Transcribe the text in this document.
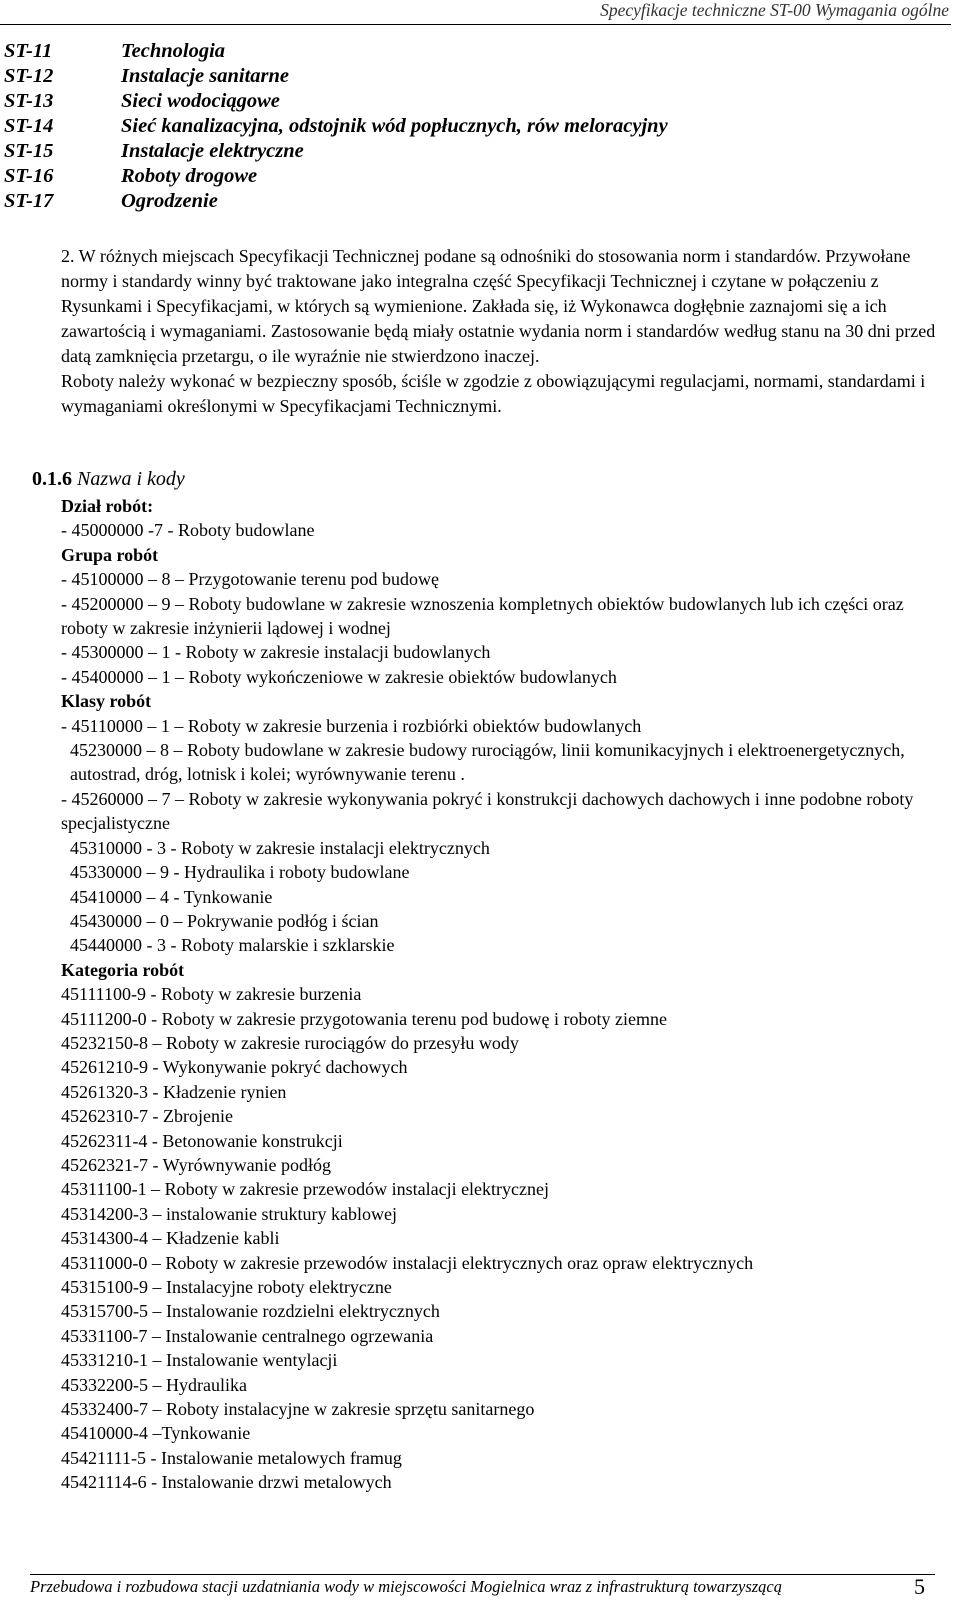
Specyfikacje techniczne ST-00 Wymagania ogólne
ST-11	Technologia
ST-12	Instalacje sanitarne
ST-13	Sieci wodociągowe
ST-14	Sieć kanalizacyjna, odstojnik wód popłucznych, rów meloracyjny
ST-15	Instalacje elektryczne
ST-16	Roboty drogowe
ST-17	Ogrodzenie

2. W różnych miejscach Specyfikacji Technicznej podane są odnośniki do stosowania norm i standardów. Przywołane normy i standardy winny być traktowane jako integralna część Specyfikacji Technicznej i czytane w połączeniu z Rysunkami i Specyfikacjami, w których są wymienione. Zakłada się, iż Wykonawca dogłębnie zaznajomi się a ich zawartością i wymaganiami. Zastosowanie będą miały ostatnie wydania norm i standardów według stanu na 30 dni przed datą zamknięcia przetargu, o ile wyraźnie nie stwierdzono inaczej.

Roboty należy wykonać w bezpieczny sposób, ściśle w zgodzie z obowiązującymi regulacjami, normami, standardami i wymaganiami określonymi w Specyfikacjami Technicznymi.

0.1.6 Nazwa i kody
Dział robót:
- 45000000 -7 - Roboty budowlane
Grupa robót
- 45100000 – 8 – Przygotowanie terenu pod budowę
- 45200000 – 9 – Roboty budowlane w zakresie wznoszenia kompletnych obiektów budowlanych lub ich części oraz roboty w zakresie inżynierii lądowej i wodnej
- 45300000 – 1 - Roboty w zakresie instalacji budowlanych
- 45400000 – 1 – Roboty wykończeniowe w zakresie obiektów budowlanych
Klasy robót
- 45110000 – 1 – Roboty w zakresie burzenia i rozbiórki obiektów budowlanych
45230000 – 8 – Roboty budowlane w zakresie budowy rurociągów, linii komunikacyjnych i elektroenergetycznych, autostrad, dróg, lotnisk i kolei; wyrównywanie terenu .
- 45260000 – 7 – Roboty w zakresie wykonywania pokryć i konstrukcji dachowych dachowych i inne podobne roboty specjalistyczne
45310000 - 3 - Roboty w zakresie instalacji elektrycznych
45330000 – 9 - Hydraulika i roboty budowlane
45410000 – 4 - Tynkowanie
45430000 – 0 – Pokrywanie podłóg i ścian
45440000 - 3 - Roboty malarskie i szklarskie
Kategoria robót
45111100-9 - Roboty w zakresie burzenia
45111200-0 - Roboty w zakresie przygotowania terenu pod budowę i roboty ziemne
45232150-8 – Roboty w zakresie rurociągów do przesyłu wody
45261210-9 - Wykonywanie pokryć dachowych
45261320-3 - Kładzenie rynien
45262310-7 - Zbrojenie
45262311-4 - Betonowanie konstrukcji
45262321-7 - Wyrównywanie podłóg
45311100-1 – Roboty w zakresie przewodów instalacji elektrycznej
45314200-3 – instalowanie struktury kablowej
45314300-4 – Kładzenie kabli
45311000-0 – Roboty w zakresie przewodów instalacji elektrycznych oraz opraw elektrycznych
45315100-9 – Instalacyjne roboty elektryczne
45315700-5 – Instalowanie rozdzielni elektrycznych
45331100-7 – Instalowanie centralnego ogrzewania
45331210-1 – Instalowanie wentylacji
45332200-5 – Hydraulika
45332400-7 – Roboty instalacyjne w zakresie sprzętu sanitarnego
45410000-4 –Tynkowanie
45421111-5 - Instalowanie metalowych framug
45421114-6 - Instalowanie drzwi metalowych
Przebudowa i rozbudowa stacji uzdatniania wody w miejscowości Mogielnica wraz z infrastrukturą towarzyszącą	5
